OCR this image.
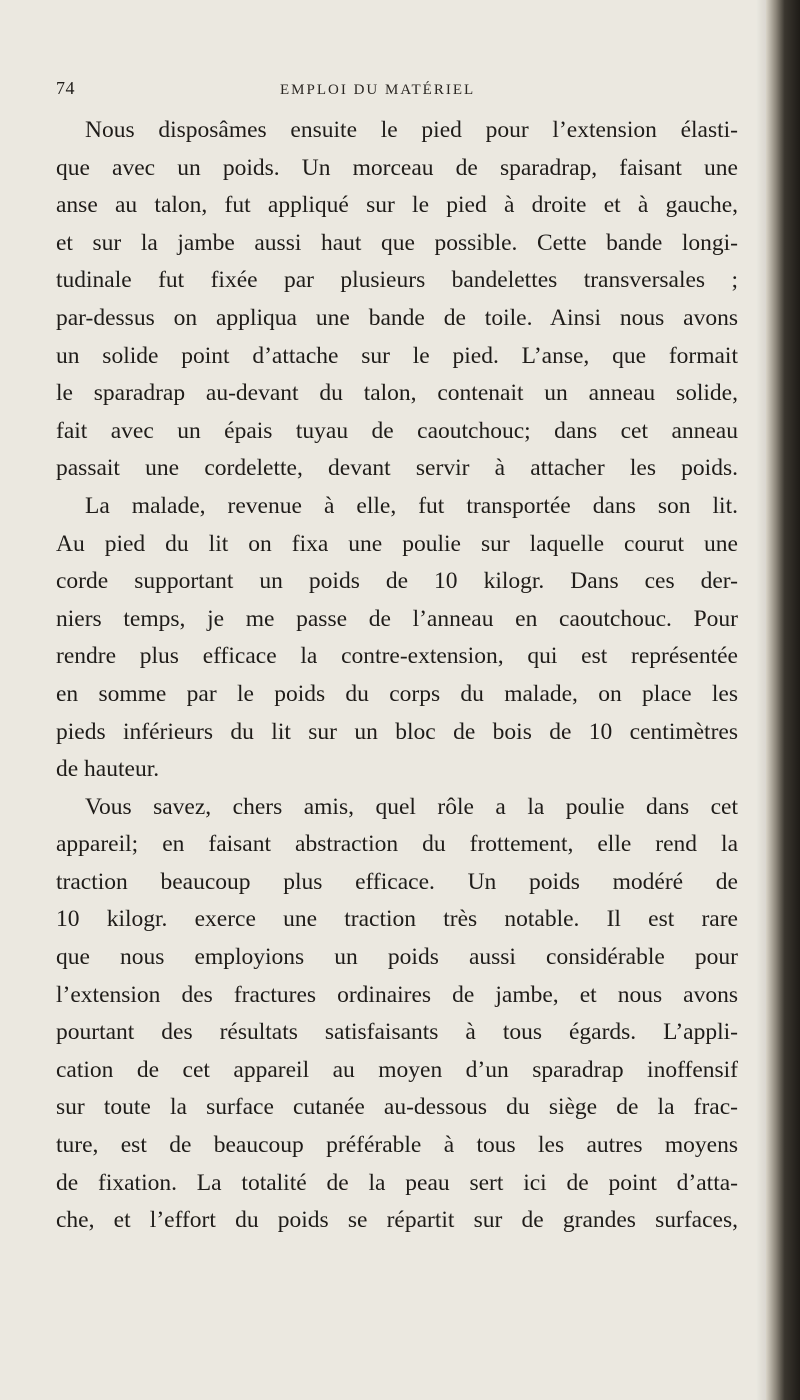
74	EMPLOI DU MATÉRIEL
Nous disposâmes ensuite le pied pour l’extension élasti-
que avec un poids. Un morceau de sparadrap, faisant une
anse au talon, fut appliqué sur le pied à droite et à gauche,
et sur la jambe aussi haut que possible. Cette bande longi-
tudinale fut fixée par plusieurs bandelettes transversales ;
par-dessus on appliqua une bande de toile. Ainsi nous avons
un solide point d’attache sur le pied. L’anse, que formait
le sparadrap au-devant du talon, contenait un anneau solide,
fait avec un épais tuyau de caoutchouc; dans cet anneau
passait une cordelette, devant servir à attacher les poids.
La malade, revenue à elle, fut transportée dans son lit.
Au pied du lit on fixa une poulie sur laquelle courut une
corde supportant un poids de 10 kilogr. Dans ces der-
niers temps, je me passe de l’anneau en caoutchouc. Pour
rendre plus efficace la contre-extension, qui est représentée
en somme par le poids du corps du malade, on place les
pieds inférieurs du lit sur un bloc de bois de 10 centimètres
de hauteur.
Vous savez, chers amis, quel rôle a la poulie dans cet
appareil; en faisant abstraction du frottement, elle rend la
traction beaucoup plus efficace. Un poids modéré de
10 kilogr. exerce une traction très notable. Il est rare
que nous employions un poids aussi considérable pour
l’extension des fractures ordinaires de jambe, et nous avons
pourtant des résultats satisfaisants à tous égards. L’appli-
cation de cet appareil au moyen d’un sparadrap inoffensif
sur toute la surface cutanée au-dessous du siège de la frac-
ture, est de beaucoup préférable à tous les autres moyens
de fixation. La totalité de la peau sert ici de point d’atta-
che, et l’effort du poids se répartit sur de grandes surfaces,
